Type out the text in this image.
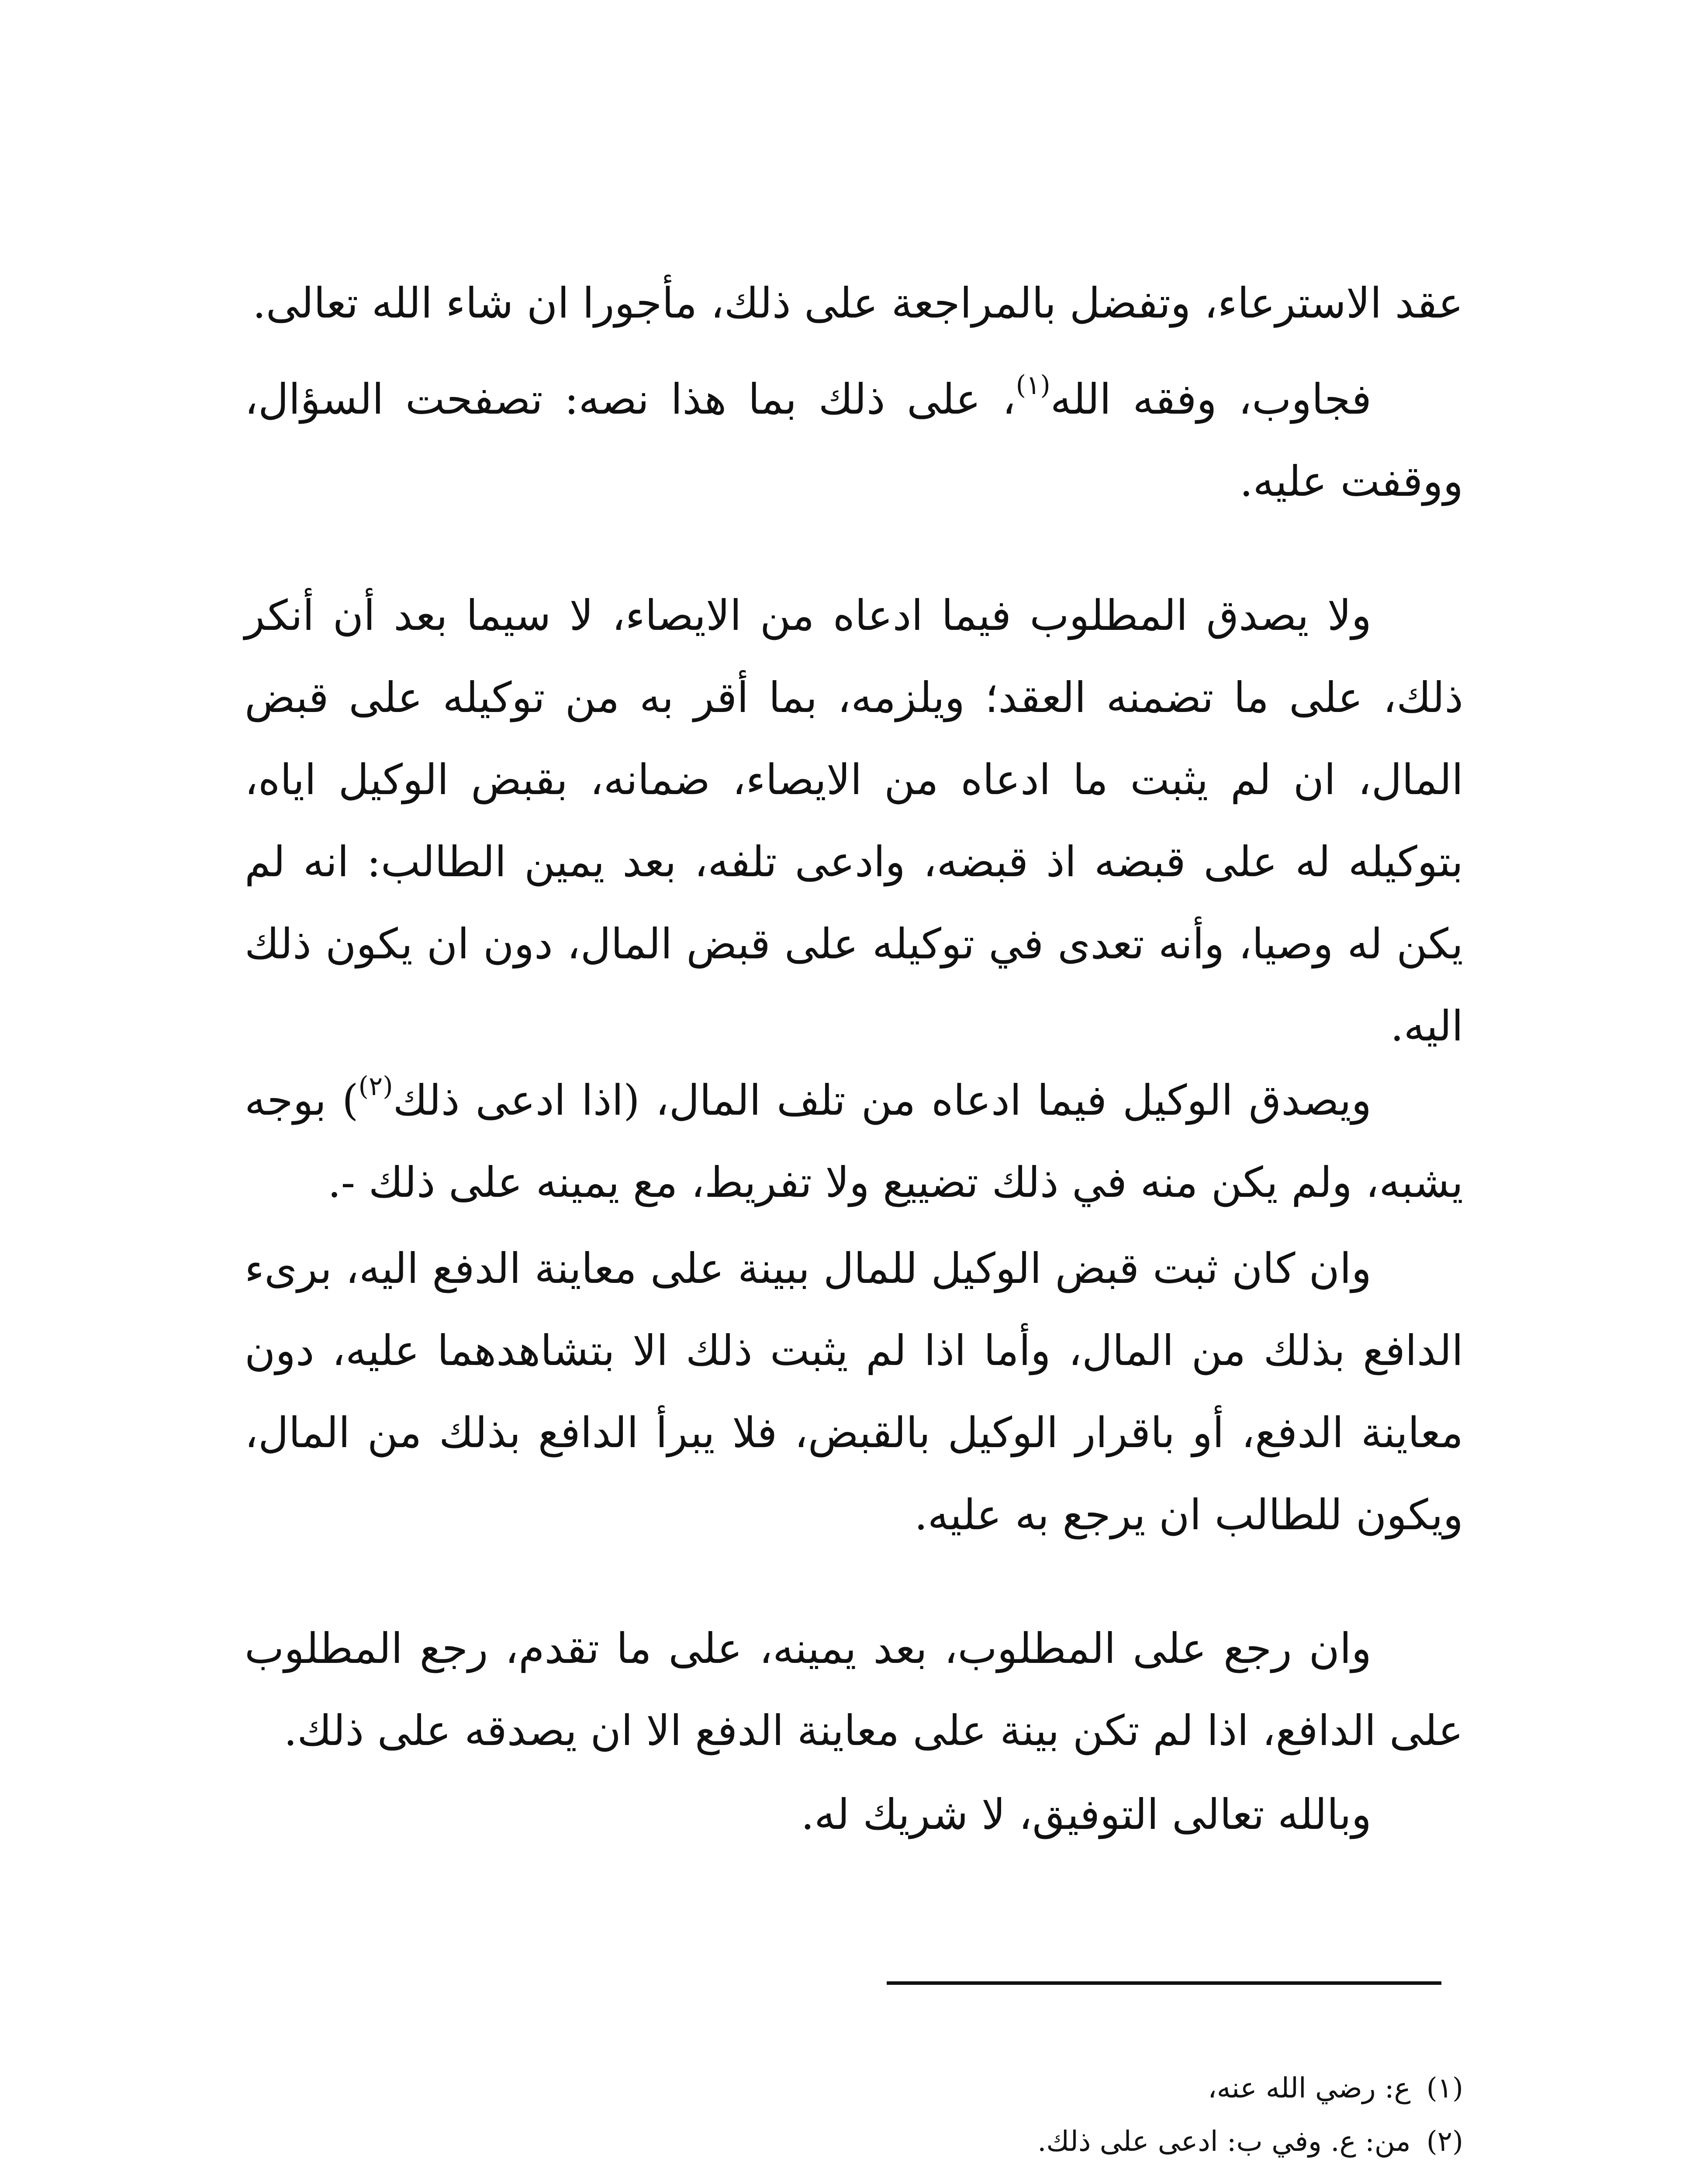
عقد الاسترعاء، وتفضل بالمراجعة على ذلك، مأجورا ان شاء الله تعالى.

فجاوب، وفقه الله$^{(١)}$، على ذلك بما هذا نصه: تصفحت السؤال، ووقفت عليه.

ولا يصدق المطلوب فيما ادعاه من الايصاء، لا سيما بعد أن أنكر ذلك، على ما تضمنه العقد؛ ويلزمه، بما أقر به من توكيله على قبض المال، ان لم يثبت ما ادعاه من الايصاء، ضمانه، بقبض الوكيل اياه، بتوكيله له على قبضه اذ قبضه، وادعى تلفه، بعد يمين الطالب: انه لم يكن له وصيا، وأنه تعدى في توكيله على قبض المال، دون ان يكون ذلك اليه.

ويصدق الوكيل فيما ادعاه من تلف المال، (اذا ادعى ذلك$^{(٢)}$) بوجه يشبه، ولم يكن منه في ذلك تضييع ولا تفريط، مع يمينه على ذلك -.

وان كان ثبت قبض الوكيل للمال ببينة على معاينة الدفع اليه، برىء الدافع بذلك من المال، وأما اذا لم يثبت ذلك الا بتشاهدهما عليه، دون معاينة الدفع، أو باقرار الوكيل بالقبض، فلا يبرأ الدافع بذلك من المال، ويكون للطالب ان يرجع به عليه.

وان رجع على المطلوب، بعد يمينه، على ما تقدم، رجع المطلوب على الدافع، اذا لم تكن بينة على معاينة الدفع الا ان يصدقه على ذلك.

وبالله تعالى التوفيق، لا شريك له.

(١)ع: رضي الله عنه،

(٢)من: ع. وفي ب: ادعى على ذلك.
